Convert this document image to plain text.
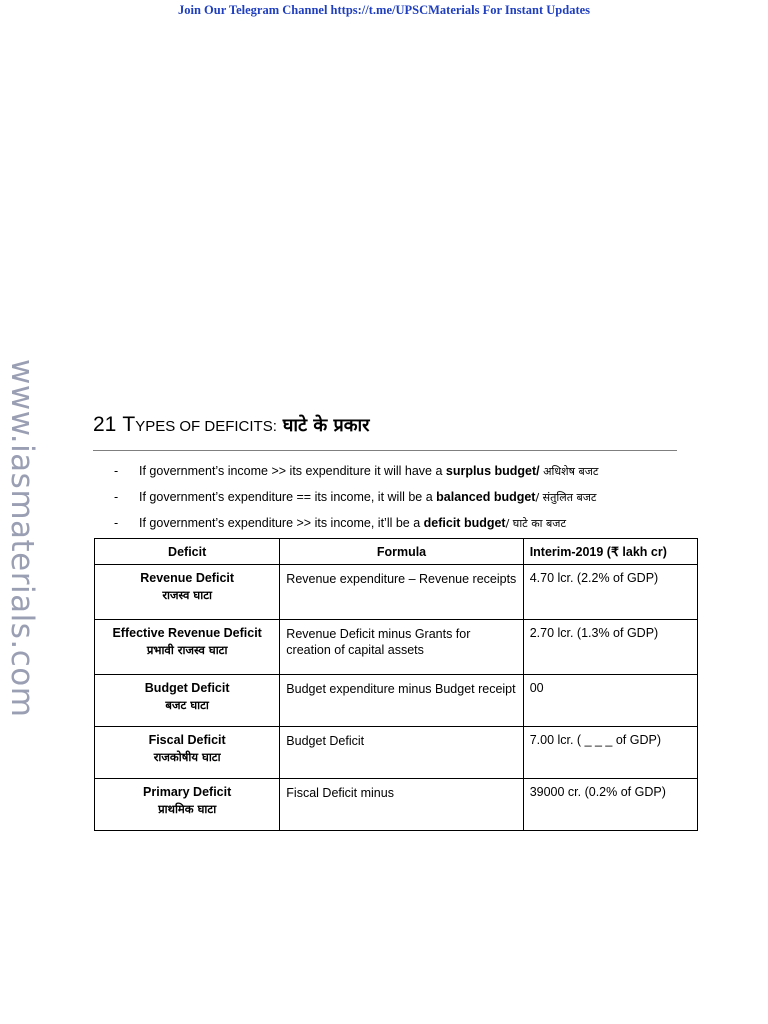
Join Our Telegram Channel https://t.me/UPSCMaterials For Instant Updates
www.iasmaterials.com	21 TYPES OF DEFICITS: घाटे के प्रकार
- If government’s income >> its expenditure it will have a surplus budget/ अधिशेष बजट
- If government’s expenditure == its income, it will be a balanced budget/ संतुलित बजट
- If government’s expenditure >> its income, it’ll be a deficit budget/ घाटे का बजट
Deficit	Formula	Interim-2019 (₹ lakh cr)
Revenue Deficit
राजस्व घाटा	Revenue expenditure – Revenue receipts	4.70 lcr. (2.2% of GDP)
Effective Revenue Deficit
प्रभावी राजस्व घाटा	Revenue Deficit minus Grants for creation of capital assets	2.70 lcr. (1.3% of GDP)
Budget Deficit
बजट घाटा	Budget expenditure minus Budget receipt	00
Fiscal Deficit
राजकोषीय घाटा	Budget Deficit	7.00 lcr. ( _ _ _ of GDP)
Primary Deficit
प्राथमिक घाटा	Fiscal Deficit minus	39000 cr. (0.2% of GDP)
